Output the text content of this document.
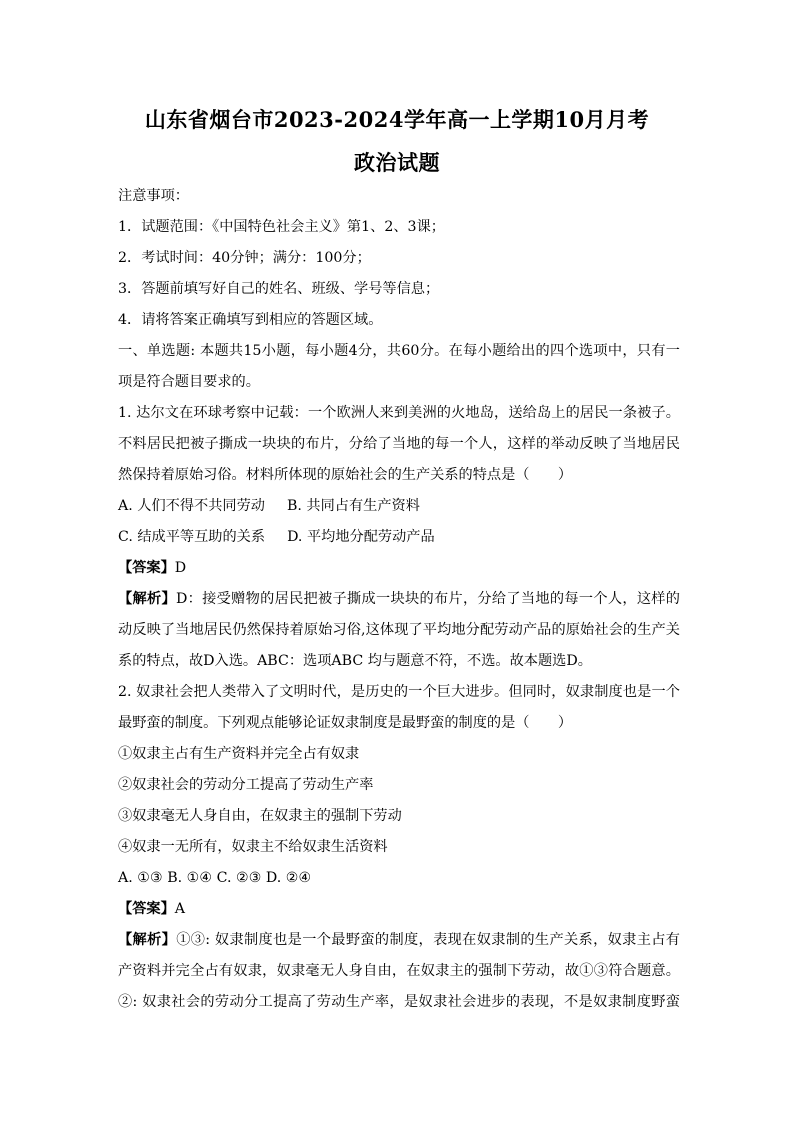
山东省烟台市2023-2024学年高一上学期10月月考
政治试题
注意事项：
1．试题范围：《中国特色社会主义》第1、2、3课；
2．考试时间：40分钟；满分：100分；
3．答题前填写好自己的姓名、班级、学号等信息；
4．请将答案正确填写到相应的答题区域。
一、单选题: 本题共15小题，每小题4分，共60分。在每小题给出的四个选项中，只有一
项是符合题目要求的。
1. 达尔文在环球考察中记载：一个欧洲人来到美洲的火地岛，送给岛上的居民一条被子。
不料居民把被子撕成一块块的布片，分给了当地的每一个人，这样的举动反映了当地居民
然保持着原始习俗。材料所体现的原始社会的生产关系的特点是（　　）
A. 人们不得不共同劳动 B. 共同占有生产资料
C. 结成平等互助的关系 D. 平均地分配劳动产品
【答案】D
【解析】D：接受赠物的居民把被子撕成一块块的布片，分给了当地的每一个人，这样的
动反映了当地居民仍然保持着原始习俗,这体现了平均地分配劳动产品的原始社会的生产关
系的特点，故D入选。ABC：选项ABC 均与题意不符，不选。故本题选D。
2. 奴隶社会把人类带入了文明时代，是历史的一个巨大进步。但同时，奴隶制度也是一个
最野蛮的制度。下列观点能够论证奴隶制度是最野蛮的制度的是（　　）
①奴隶主占有生产资料并完全占有奴隶
②奴隶社会的劳动分工提高了劳动生产率
③奴隶毫无人身自由，在奴隶主的强制下劳动
④奴隶一无所有，奴隶主不给奴隶生活资料
A. ①③ B. ①④ C. ②③ D. ②④
【答案】A
【解析】①③: 奴隶制度也是一个最野蛮的制度，表现在奴隶制的生产关系，奴隶主占有
产资料并完全占有奴隶，奴隶毫无人身自由，在奴隶主的强制下劳动，故①③符合题意。
②: 奴隶社会的劳动分工提高了劳动生产率，是奴隶社会进步的表现，不是奴隶制度野蛮
